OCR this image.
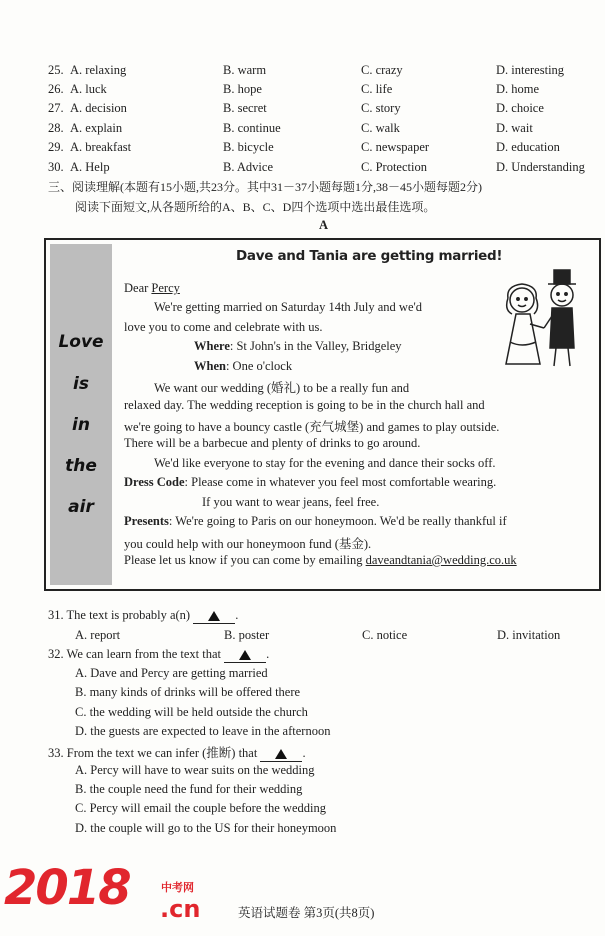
25. A. relaxing	B. warm	C. crazy	D. interesting
26. A. luck	B. hope	C. life	D. home
27. A. decision	B. secret	C. story	D. choice
28. A. explain	B. continue	C. walk	D. wait
29. A. breakfast	B. bicycle	C. newspaper	D. education
30. A. Help	B. Advice	C. Protection	D. Understanding
三、阅读理解(本题有15小题,共23分。其中31－37小题每题1分,38－45小题每题2分)
阅读下面短文,从各题所给的A、B、C、D四个选项中选出最佳选项。
A
Love
is
in
the
air
Dave and Tania are getting married!
Dear Percy
We're getting married on Saturday 14th July and we'd
love you to come and celebrate with us.
Where: St John's in the Valley, Bridgeley
When: One o'clock
We want our wedding (婚礼) to be a really fun and
relaxed day. The wedding reception is going to be in the church hall and
we're going to have a bouncy castle (充气城堡) and games to play outside.
There will be a barbecue and plenty of drinks to go around.
We'd like everyone to stay for the evening and dance their socks off.
Dress Code: Please come in whatever you feel most comfortable wearing.
If you want to wear jeans, feel free.
Presents: We're going to Paris on our honeymoon. We'd be really thankful if
you could help with our honeymoon fund (基金).
Please let us know if you can come by emailing daveandtania@wedding.co.uk
31. The text is probably a(n)	.
A. report	B. poster	C. notice	D. invitation
32. We can learn from the text that	.
A. Dave and Percy are getting married
B. many kinds of drinks will be offered there
C. the wedding will be held outside the church
D. the guests are expected to leave in the afternoon
33. From the text we can infer (推断) that	.
A. Percy will have to wear suits on the wedding
B. the couple need the fund for their wedding
C. Percy will email the couple before the wedding
D. the couple will go to the US for their honeymoon
2018	中考网
.cn	英语试题卷 第3页(共8页)
